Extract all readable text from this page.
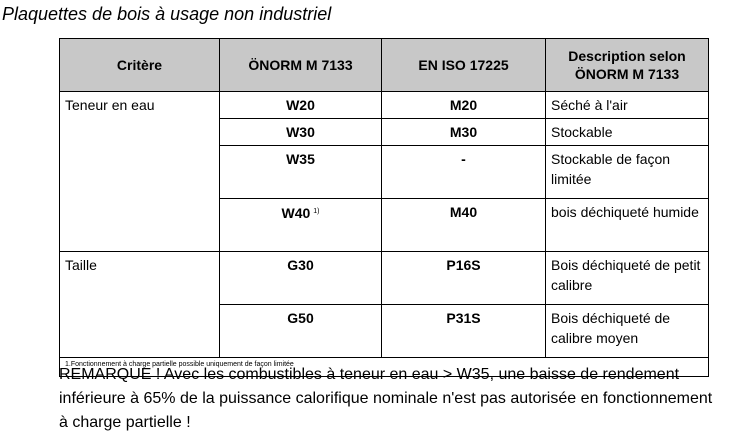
Plaquettes de bois à usage non industriel
Critère	ÖNORM M 7133	EN ISO 17225	Description selon ÖNORM M 7133
Teneur en eau	W20	M20	Séché à l'air
	W30	M30	Stockable
	W35	-	Stockable de façon limitée
	W40 $^{1)}$	M40	bois déchiqueté humide
Taille	G30	P16S	Bois déchiqueté de petit calibre
	G50	P31S	Bois déchiqueté de calibre moyen
1.Fonctionnement à charge partielle possible uniquement de façon limitée			
REMARQUE ! Avec les combustibles à teneur en eau > W35, une baisse de rendement inférieure à 65% de la puissance calorifique nominale n'est pas autorisée en fonctionnement à charge partielle !
